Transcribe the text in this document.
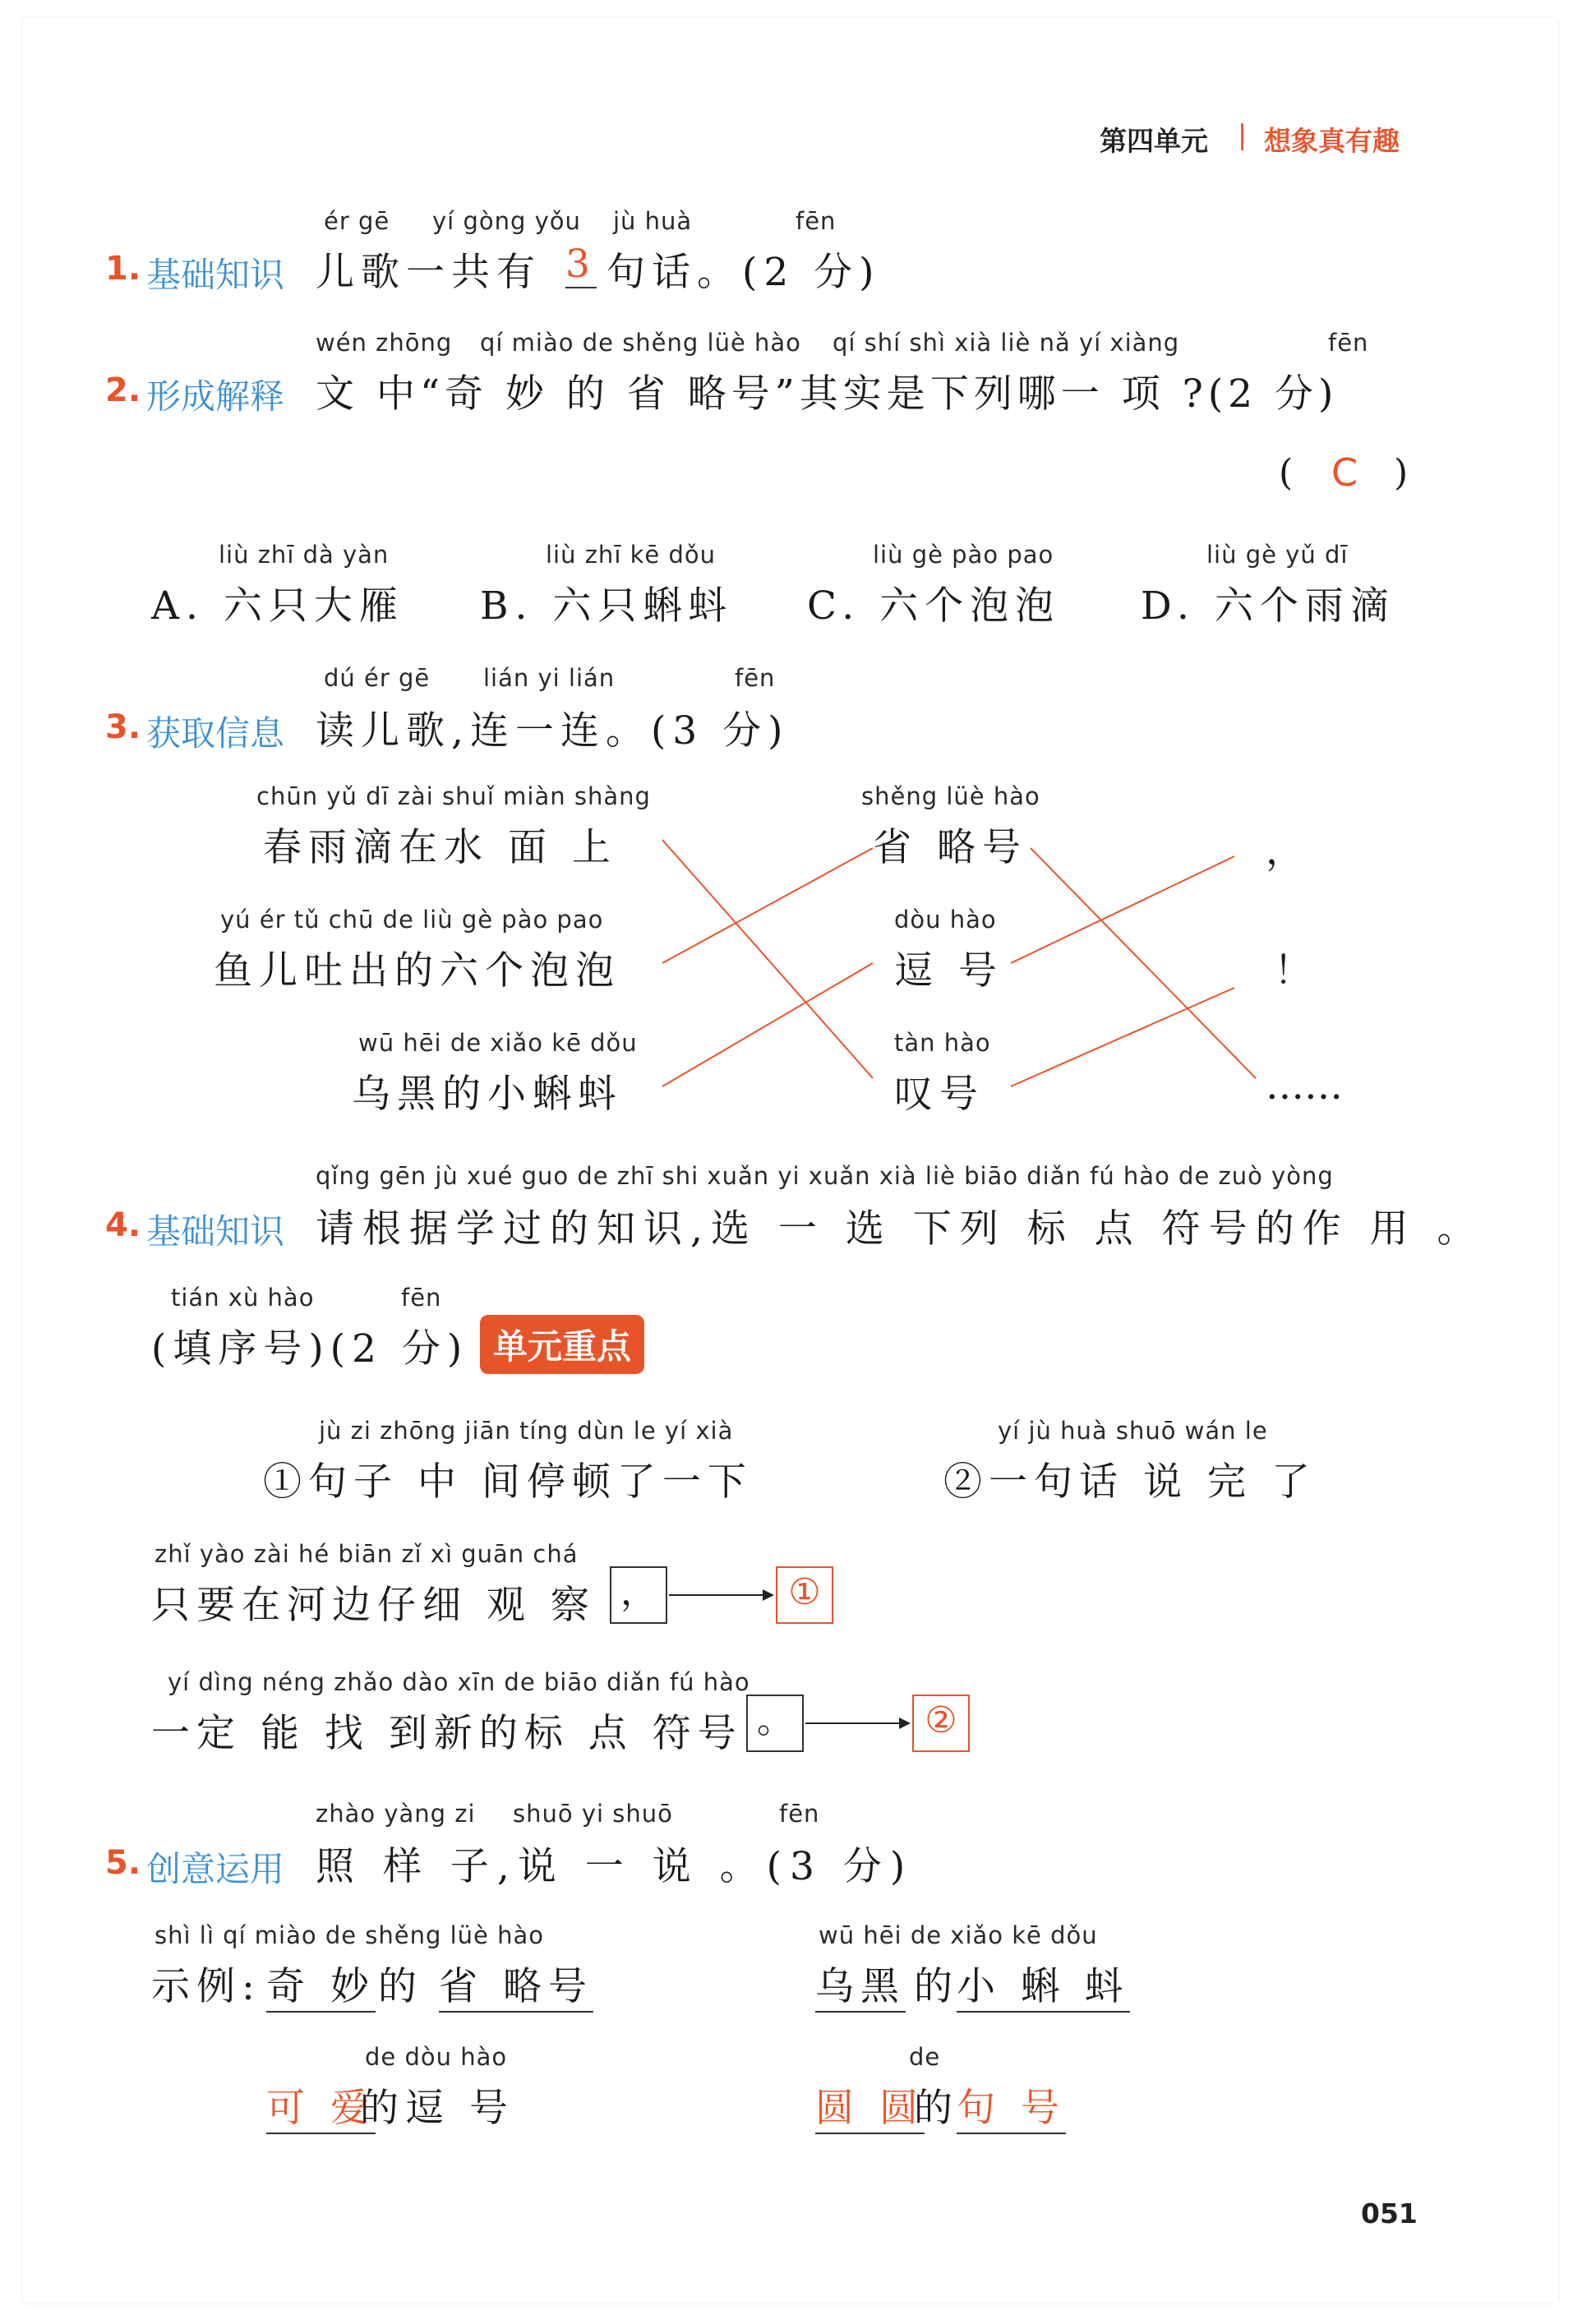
第四单元 | 想象真有趣
ér gē yí gòng yǒu jù huà	fēn
1. 基础知识 儿歌一共有 3 句话。(2 分)
wén zhōng qí miào de shěng lüè hào qí shí shì xià liè nǎ yí xiàng	fēn
2. 形成解释 文 中“奇 妙 的 省 略号”其实是下列哪一 项 ?(2 分)
( C )
liù zhī dà yàn
A. 六只大雁
liù zhī kē dǒu
B. 六只蝌蚪
liù gè pào pao
C. 六个泡泡
liù gè yǔ dī
D. 六个雨滴
dú ér gē lián yi lián	fēn
3. 获取信息 读儿歌,连一连。(3 分)
chūn yǔ dī zài shuǐ miàn shàng
春雨滴在水 面 上
yú ér tǔ chū de liù gè pào pao
鱼儿吐出的六个泡泡
wū hēi de xiǎo kē dǒu
乌黑的小蝌蚪
shěng lüè hào
省 略号
dòu hào
逗 号
tàn hào
叹号
，
！
……
qǐng gēn jù xué guo de zhī shi xuǎn yi xuǎn xià liè biāo diǎn fú hào de zuò yòng
4. 基础知识 请根据学过的知识,选 一 选 下列 标 点 符号的作 用 。
tián xù hào	fēn
(填序号)(2 分) 单元重点
jù zi zhōng jiān tíng dùn le yí xià
①句子 中 间停顿了一下
yí jù huà shuō wán le
②一句话 说 完 了
zhǐ yào zài hé biān zǐ xì guān chá
只要在河边仔细 观 察 ，	①
yí dìng néng zhǎo dào xīn de biāo diǎn fú hào
一定 能 找 到新的标 点 符号 。	②
zhào yàng zi shuō yi shuō	fēn
5. 创意运用 照 样 子,说 一 说 。(3 分)
shì lì qí miào de shěng lüè hào
示例: 奇 妙 的 省 略号
wū hēi de xiǎo kē dǒu
乌黑 的
小 蝌 蚪
de dòu hào
可 爱
的逗 号
de
圆 圆
的
句 号
051
